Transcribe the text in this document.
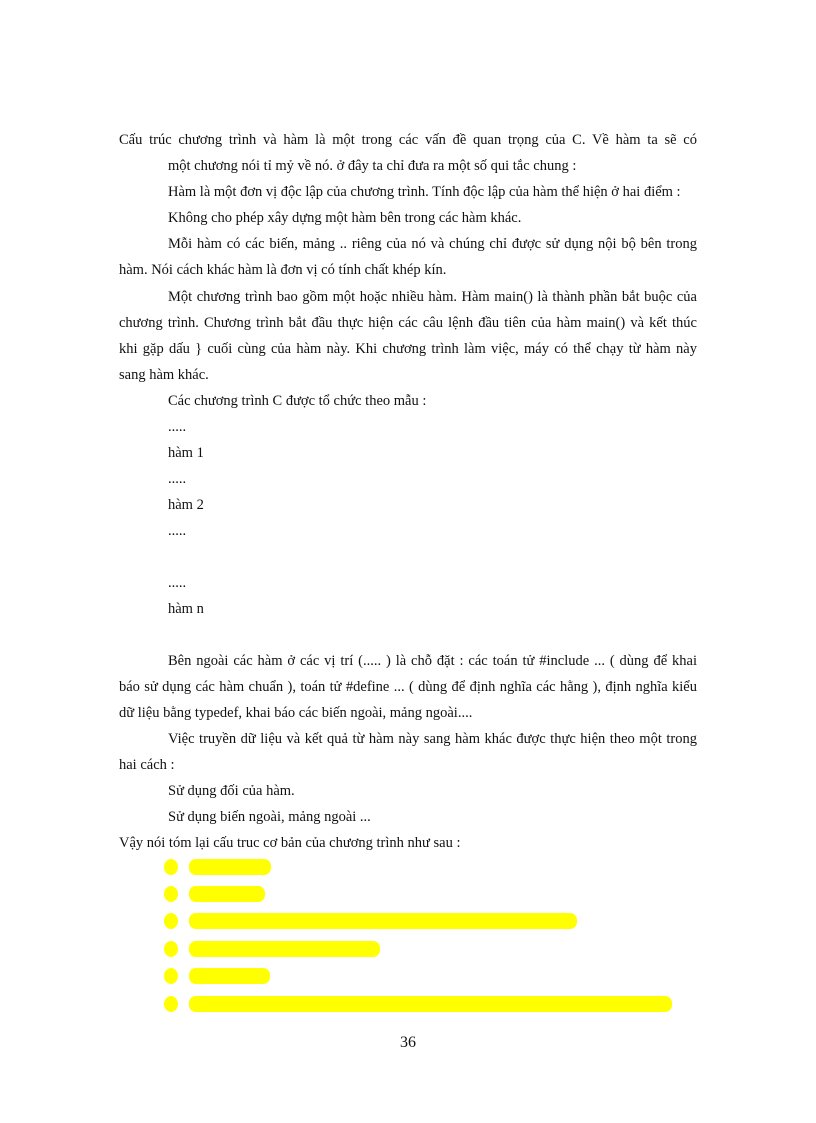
Cấu trúc chương trình và hàm là một trong các vấn đề quan trọng của C. Về hàm ta sẽ có
một chương nói tỉ mỷ về nó. ở đây ta chỉ đưa ra một số qui tắc chung :
Hàm là một đơn vị độc lập của chương trình. Tính độc lập của hàm thể hiện ở hai điểm :
Không cho phép xây dựng một hàm bên trong các hàm khác.
Mỗi hàm có các biến, mảng .. riêng của nó và chúng chỉ được sử dụng nội bộ bên trong
hàm. Nói cách khác hàm là đơn vị có tính chất khép kín.
Một chương trình bao gồm một hoặc nhiều hàm. Hàm main() là thành phần bắt buộc của
chương trình. Chương trình bắt đầu thực hiện các câu lệnh đầu tiên của hàm main() và kết thúc
khi gặp dấu } cuối cùng của hàm này. Khi chương trình làm việc, máy có thể chạy từ hàm này
sang hàm khác.
Các chương trình C được tổ chức theo mẫu :
.....
hàm 1
.....
hàm 2
.....
.....
hàm n
Bên ngoài các hàm ở các vị trí (..... ) là chỗ đặt : các toán tử #include ... ( dùng để khai
báo sử dụng các hàm chuẩn ), toán tử #define ... ( dùng để định nghĩa các hằng ), định nghĩa kiểu
dữ liệu bằng typedef, khai báo các biến ngoài, mảng ngoài....
Việc truyền dữ liệu và kết quả từ hàm này sang hàm khác được thực hiện theo một trong
hai cách :
Sử dụng đối của hàm.
Sử dụng biến ngoài, mảng ngoài ...
Vậy nói tóm lại cấu truc cơ bản của chương trình như sau :
36
